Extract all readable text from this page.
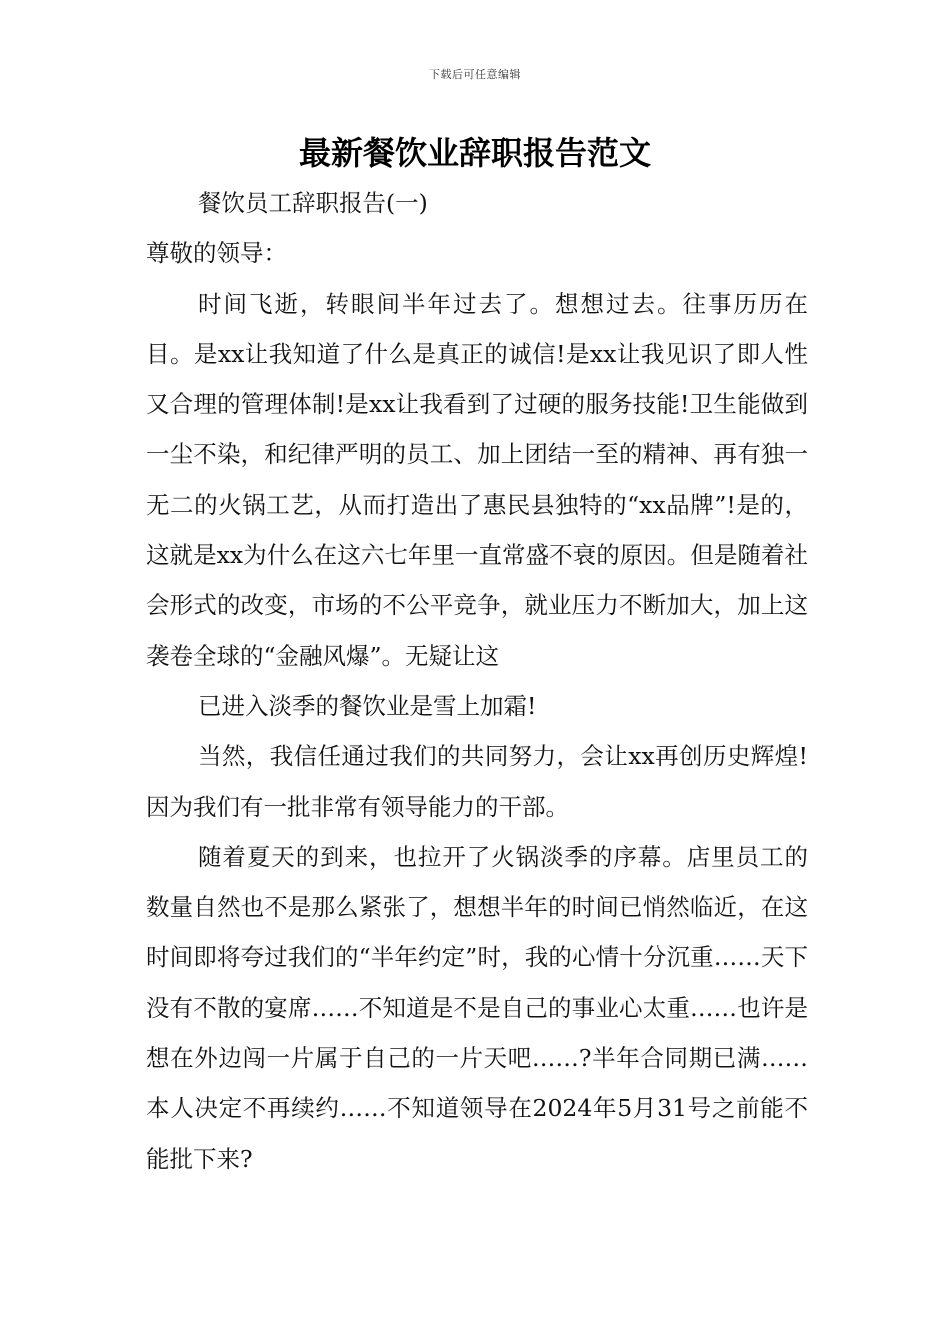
下载后可任意编辑
最新餐饮业辞职报告范文

餐饮员工辞职报告(一)

尊敬的领导：

时间飞逝，转眼间半年过去了。想想过去。往事历历在目。是xx让我知道了什么是真正的诚信!是xx让我见识了即人性又合理的管理体制!是xx让我看到了过硬的服务技能!卫生能做到一尘不染，和纪律严明的员工、加上团结一至的精神、再有独一无二的火锅工艺，从而打造出了惠民县独特的“xx品牌”!是的，这就是xx为什么在这六七年里一直常盛不衰的原因。但是随着社会形式的改变，市场的不公平竞争，就业压力不断加大，加上这袭卷全球的“金融风爆”。无疑让这

已进入淡季的餐饮业是雪上加霜!

当然，我信任通过我们的共同努力，会让xx再创历史辉煌!因为我们有一批非常有领导能力的干部。

随着夏天的到来，也拉开了火锅淡季的序幕。店里员工的数量自然也不是那么紧张了，想想半年的时间已悄然临近，在这时间即将夸过我们的“半年约定”时，我的心情十分沉重……天下没有不散的宴席……不知道是不是自己的事业心太重……也许是想在外边闯一片属于自己的一片天吧……?半年合同期已满……本人决定不再续约……不知道领导在2024年5月31号之前能不能批下来?
